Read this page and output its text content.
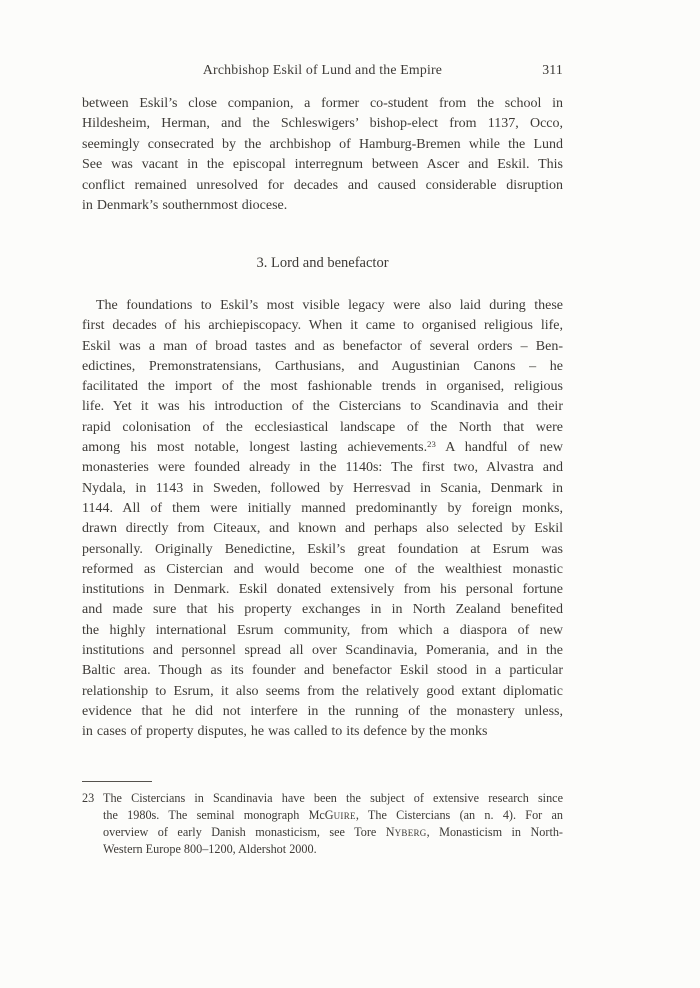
Archbishop Eskil of Lund and the Empire	311
between Eskil’s close companion, a former co-student from the school in
Hildesheim, Herman, and the Schleswigers’ bishop-elect from 1137, Occo,
seemingly consecrated by the archbishop of Hamburg-Bremen while the Lund
See was vacant in the episcopal interregnum between Ascer and Eskil. This
conflict remained unresolved for decades and caused considerable disruption
in Denmark’s southernmost diocese.
3. Lord and benefactor
The foundations to Eskil’s most visible legacy were also laid during these
first decades of his archiepiscopacy. When it came to organised religious life,
Eskil was a man of broad tastes and as benefactor of several orders – Ben-
edictines, Premonstratensians, Carthusians, and Augustinian Canons – he
facilitated the import of the most fashionable trends in organised, religious
life. Yet it was his introduction of the Cistercians to Scandinavia and their
rapid colonisation of the ecclesiastical landscape of the North that were
among his most notable, longest lasting achievements.$^{23}$ A handful of new
monasteries were founded already in the 1140s: The first two, Alvastra and
Nydala, in 1143 in Sweden, followed by Herresvad in Scania, Denmark in
1144. All of them were initially manned predominantly by foreign monks,
drawn directly from Citeaux, and known and perhaps also selected by Eskil
personally. Originally Benedictine, Eskil’s great foundation at Esrum was
reformed as Cistercian and would become one of the wealthiest monastic
institutions in Denmark. Eskil donated extensively from his personal fortune
and made sure that his property exchanges in in North Zealand benefited
the highly international Esrum community, from which a diaspora of new
institutions and personnel spread all over Scandinavia, Pomerania, and in the
Baltic area. Though as its founder and benefactor Eskil stood in a particular
relationship to Esrum, it also seems from the relatively good extant diplomatic
evidence that he did not interfere in the running of the monastery unless,
in cases of property disputes, he was called to its defence by the monks
23 The Cistercians in Scandinavia have been the subject of extensive research since
the 1980s. The seminal monograph McGuire, The Cistercians (an n. 4). For an
overview of early Danish monasticism, see Tore Nyberg, Monasticism in North-
Western Europe 800–1200, Aldershot 2000.
